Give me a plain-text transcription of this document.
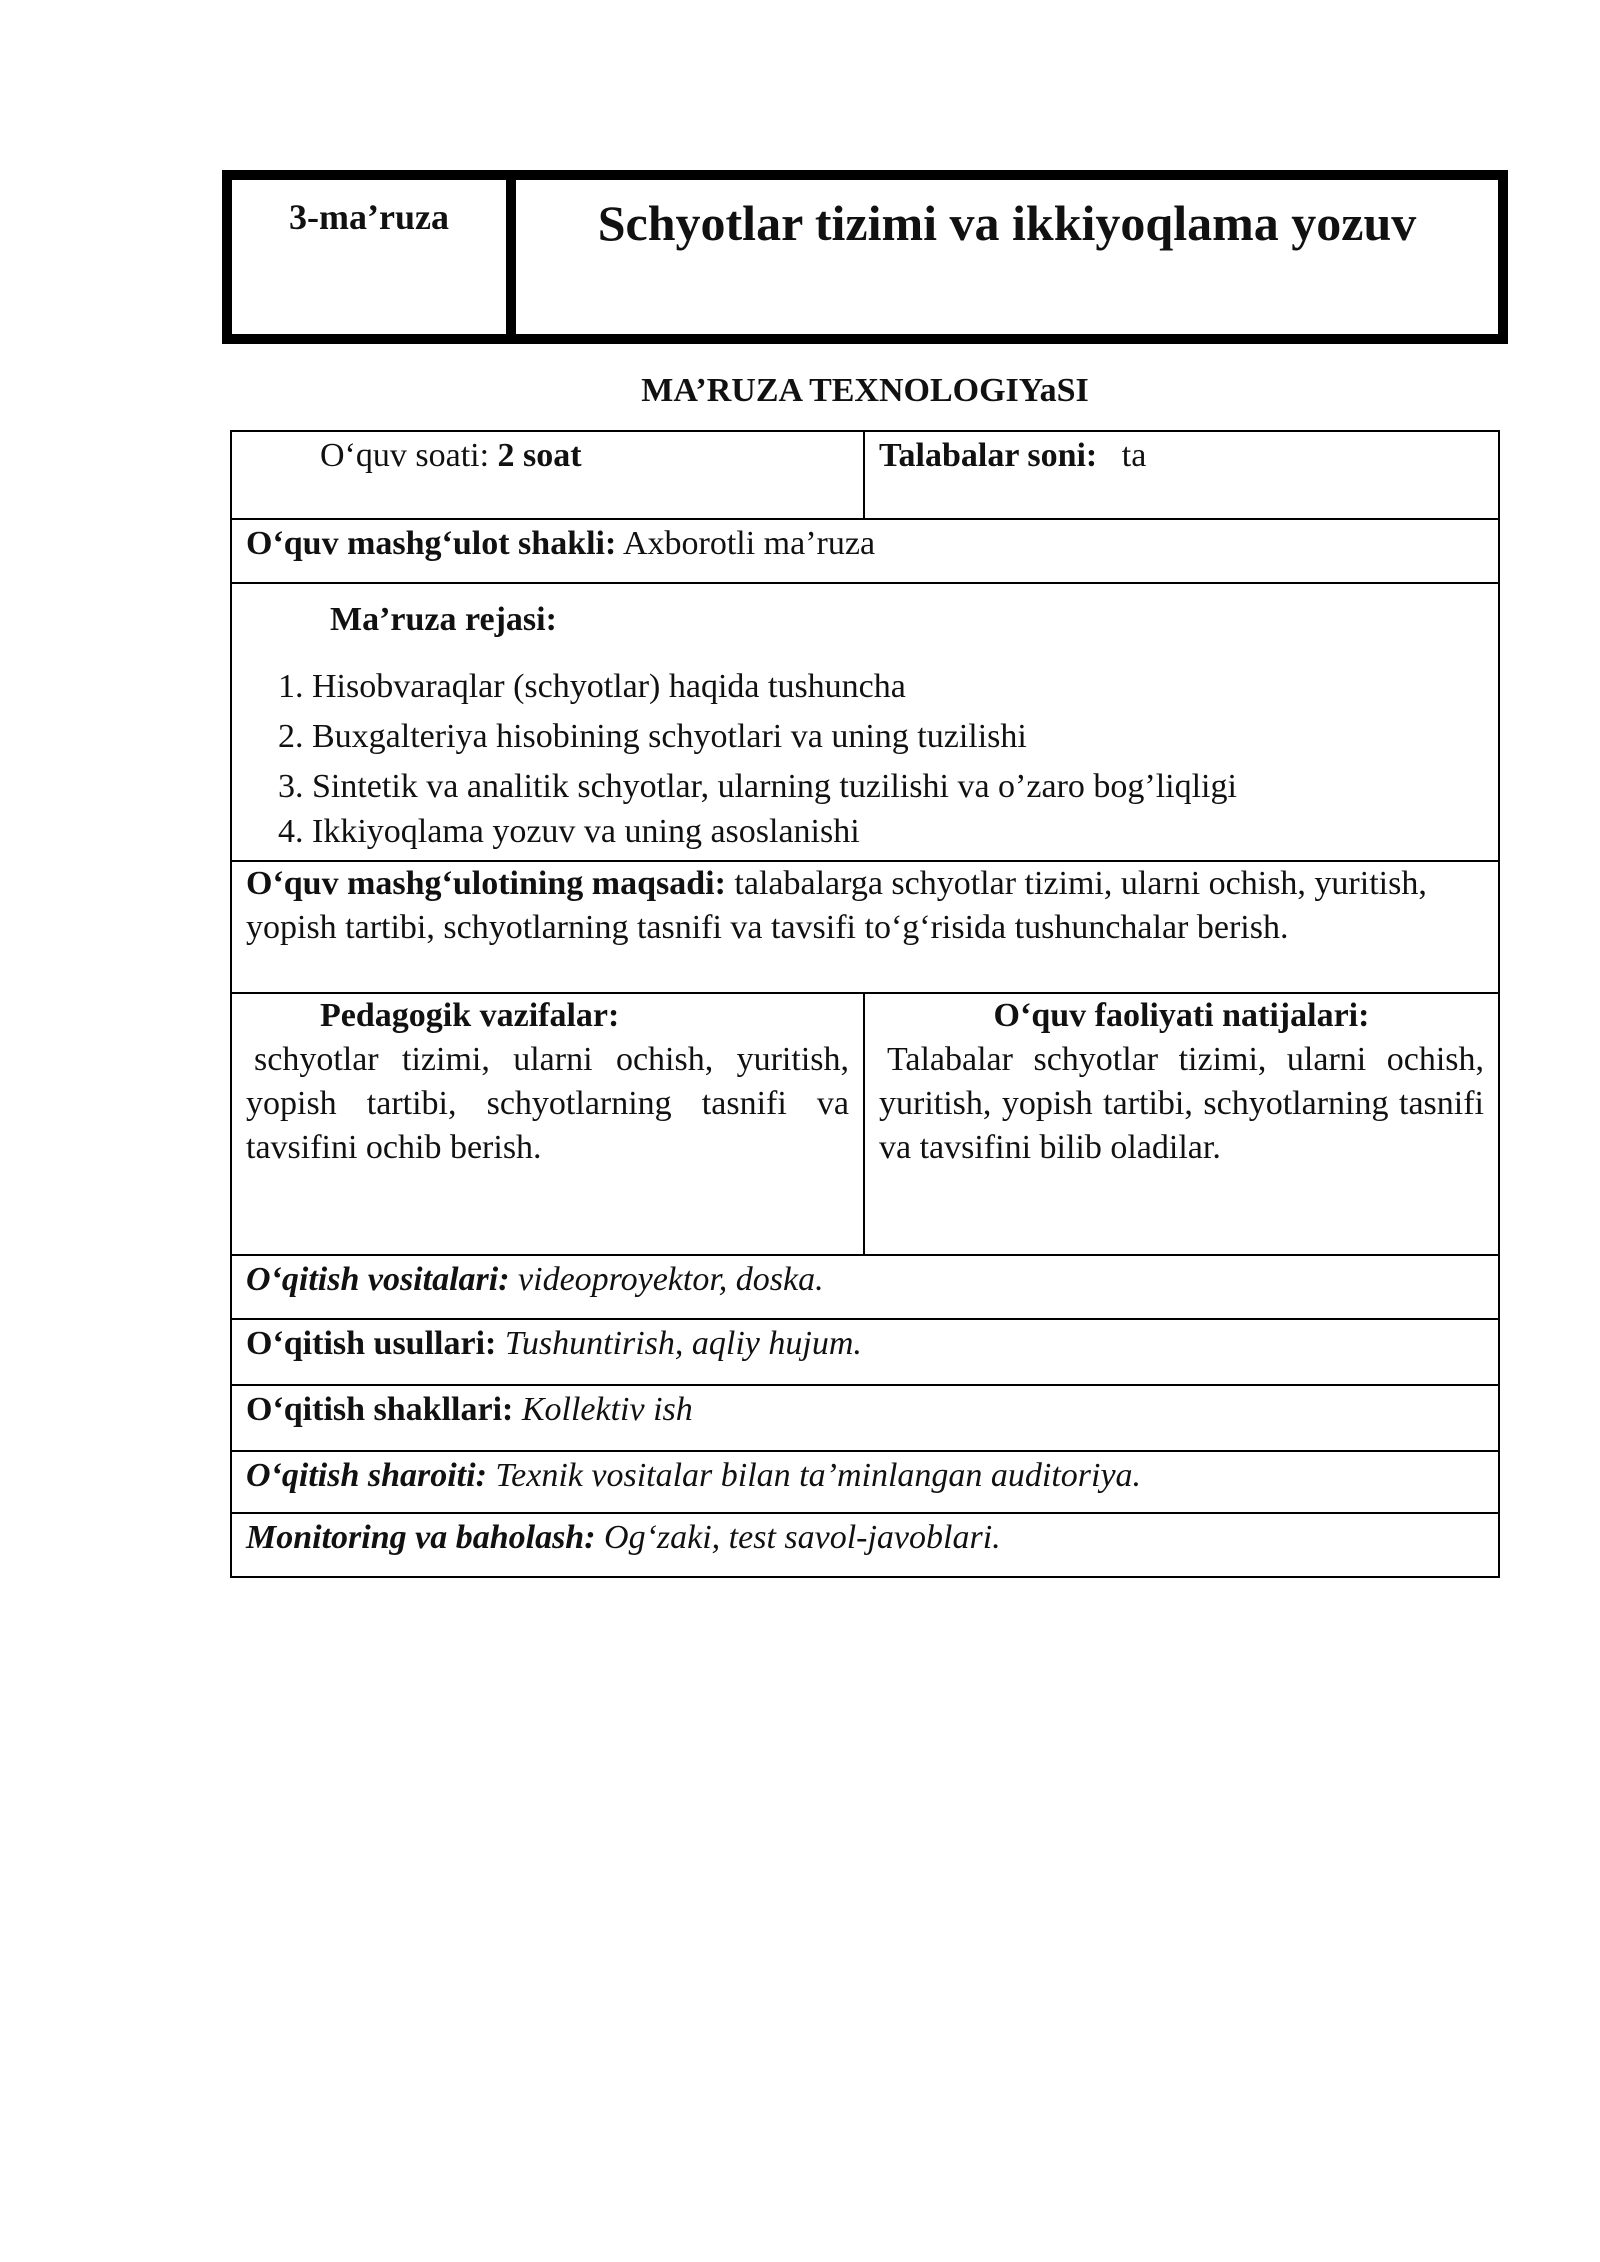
3-ma’ruza	Schyotlar tizimi va ikkiyoqlama yozuv
MA’RUZA TEXNOLOGIYaSI
O‘quv soati: 2 soat	Talabalar soni: ta
O‘quv mashg‘ulot shakli: Axborotli ma’ruza
Ma’ruza rejasi:
1. Hisobvaraqlar (schyotlar) haqida tushuncha
2. Buxgalteriya hisobining schyotlari va uning tuzilishi
3. Sintetik va analitik schyotlar, ularning tuzilishi va o’zaro bog’liqligi
4. Ikkiyoqlama yozuv va uning asoslanishi
O‘quv mashg‘ulotining maqsadi: talabalarga schyotlar tizimi, ularni ochish, yuritish, yopish tartibi, schyotlarning tasnifi va tavsifi to‘g‘risida tushunchalar berish.
Pedagogik vazifalar:
schyotlar tizimi, ularni ochish, yuritish, yopish tartibi, schyotlarning tasnifi va tavsifini ochib berish.
O‘quv faoliyati natijalari:
Talabalar schyotlar tizimi, ularni ochish, yuritish, yopish tartibi, schyotlarning tasnifi va tavsifini bilib oladilar.
O‘qitish vositalari: videoproyektor, doska.
O‘qitish usullari: Tushuntirish, aqliy hujum.
O‘qitish shakllari: Kollektiv ish
O‘qitish sharoiti: Texnik vositalar bilan ta’minlangan auditoriya.
Monitoring va baholash: Og‘zaki, test savol-javoblari.
